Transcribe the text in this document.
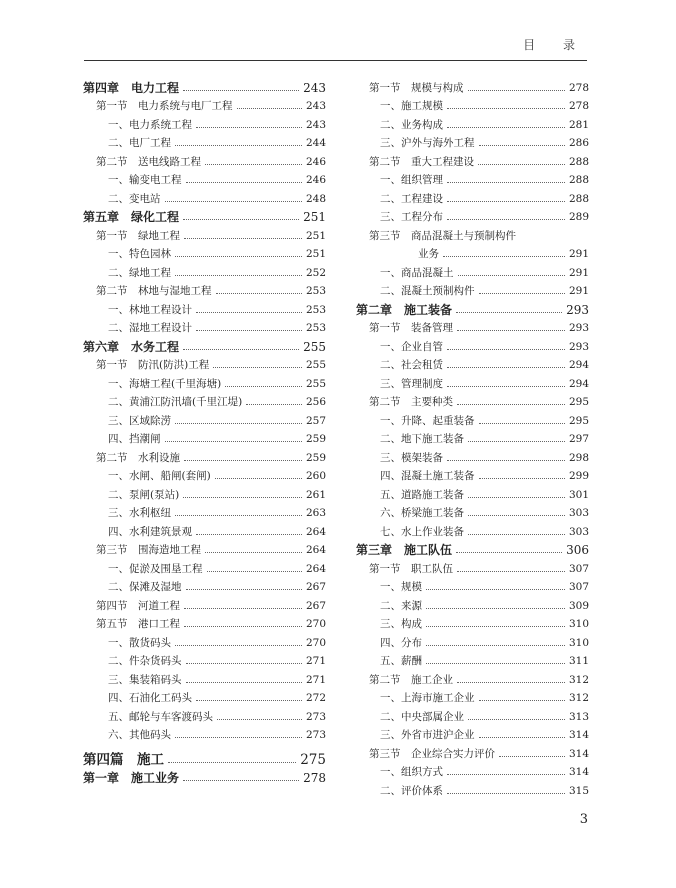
目 录
第四章　电力工程	243
第一节　电力系统与电厂工程	243
一、电力系统工程	243
二、电厂工程	244
第二节　送电线路工程	246
一、输变电工程	246
二、变电站	248
第五章　绿化工程	251
第一节　绿地工程	251
一、特色园林	251
二、绿地工程	252
第二节　林地与湿地工程	253
一、林地工程设计	253
二、湿地工程设计	253
第六章　水务工程	255
第一节　防汛(防洪)工程	255
一、海塘工程(千里海塘)	255
二、黄浦江防汛墙(千里江堤)	256
三、区域除涝	257
四、挡潮闸	259
第二节　水利设施	259
一、水闸、船闸(套闸)	260
二、泵闸(泵站)	261
三、水利枢纽	263
四、水利建筑景观	264
第三节　围海造地工程	264
一、促淤及围垦工程	264
二、保滩及湿地	267
第四节　河道工程	267
第五节　港口工程	270
一、散货码头	270
二、件杂货码头	271
三、集装箱码头	271
四、石油化工码头	272
五、邮轮与车客渡码头	273
六、其他码头	273
第四篇　施工	275
第一章　施工业务	278
第一节　规模与构成	278
一、施工规模	278
二、业务构成	281
三、沪外与海外工程	286
第二节　重大工程建设	288
一、组织管理	288
二、工程建设	288
三、工程分布	289
第三节　商品混凝土与预制构件
业务	291
一、商品混凝土	291
二、混凝土预制构件	291
第二章　施工装备	293
第一节　装备管理	293
一、企业自管	293
二、社会租赁	294
三、管理制度	294
第二节　主要种类	295
一、升降、起重装备	295
二、地下施工装备	297
三、模架装备	298
四、混凝土施工装备	299
五、道路施工装备	301
六、桥梁施工装备	303
七、水上作业装备	303
第三章　施工队伍	306
第一节　职工队伍	307
一、规模	307
二、来源	309
三、构成	310
四、分布	310
五、薪酬	311
第二节　施工企业	312
一、上海市施工企业	312
二、中央部属企业	313
三、外省市进沪企业	314
第三节　企业综合实力评价	314
一、组织方式	314
二、评价体系	315
3
